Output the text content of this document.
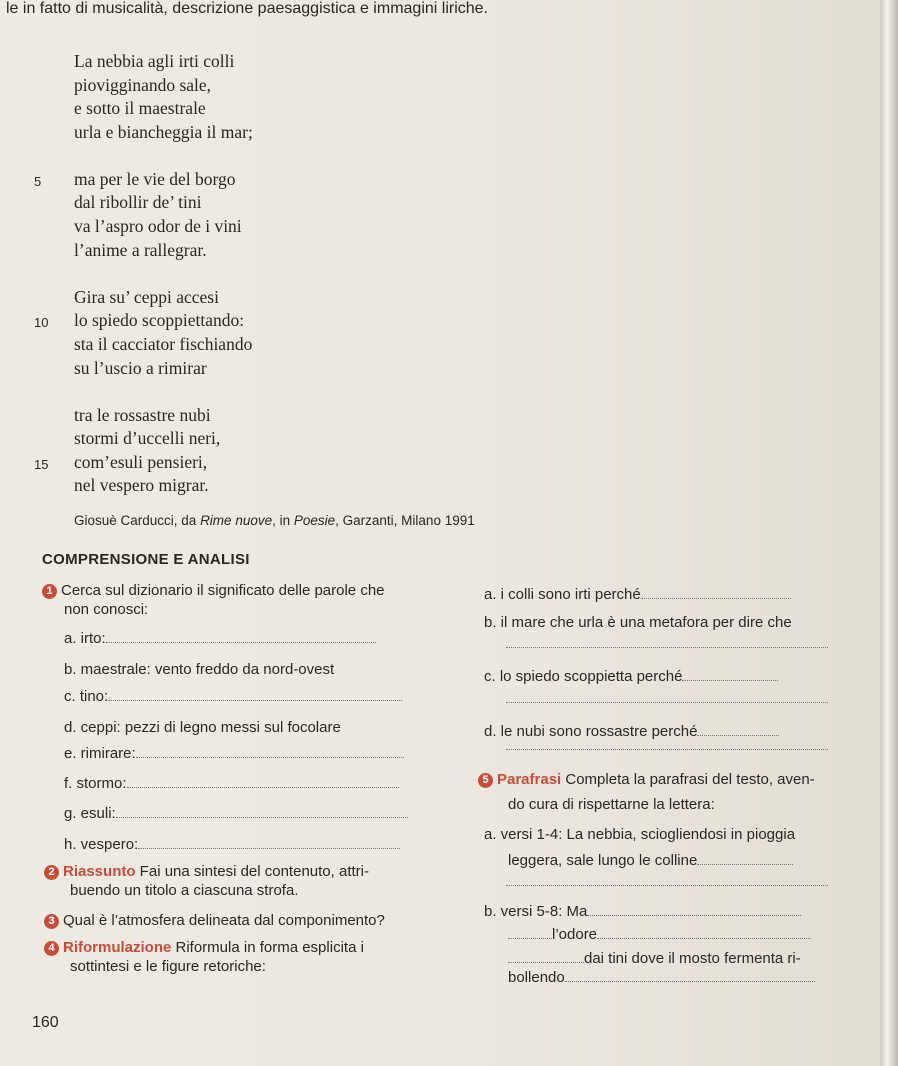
le in fatto di musicalità, descrizione paesaggistica e immagini liriche.
La nebbia agli irti colli
piovigginando sale,
e sotto il maestrale
urla e biancheggia il mar;
5 ma per le vie del borgo
dal ribollir de’ tini
va l’aspro odor de i vini
l’anime a rallegrar.
Gira su’ ceppi accesi
10 lo spiedo scoppiettando:
sta il cacciator fischiando
su l’uscio a rimirar
tra le rossastre nubi
stormi d’uccelli neri,
15 com’esuli pensieri,
nel vespero migrar.
Giosuè Carducci, da Rime nuove, in Poesie, Garzanti, Milano 1991
COMPRENSIONE E ANALISI
1 Cerca sul dizionario il significato delle parole che
non conosci:
a. irto:
b. maestrale: vento freddo da nord-ovest
c. tino:
d. ceppi: pezzi di legno messi sul focolare
e. rimirare:
f. stormo:
g. esuli:
h. vespero:
2 Riassunto Fai una sintesi del contenuto, attri-
buendo un titolo a ciascuna strofa.
3 Qual è l’atmosfera delineata dal componimento?
4 Riformulazione Riformula in forma esplicita i
sottintesi e le figure retoriche:
a. i colli sono irti perché
b. il mare che urla è una metafora per dire che
c. lo spiedo scoppietta perché
d. le nubi sono rossastre perché
5 Parafrasi Completa la parafrasi del testo, aven-
do cura di rispettarne la lettera:
a. versi 1-4: La nebbia, sciogliendosi in pioggia
leggera, sale lungo le colline
b. versi 5-8: Ma
l’odore
dai tini dove il mosto fermenta ri-
bollendo
160
